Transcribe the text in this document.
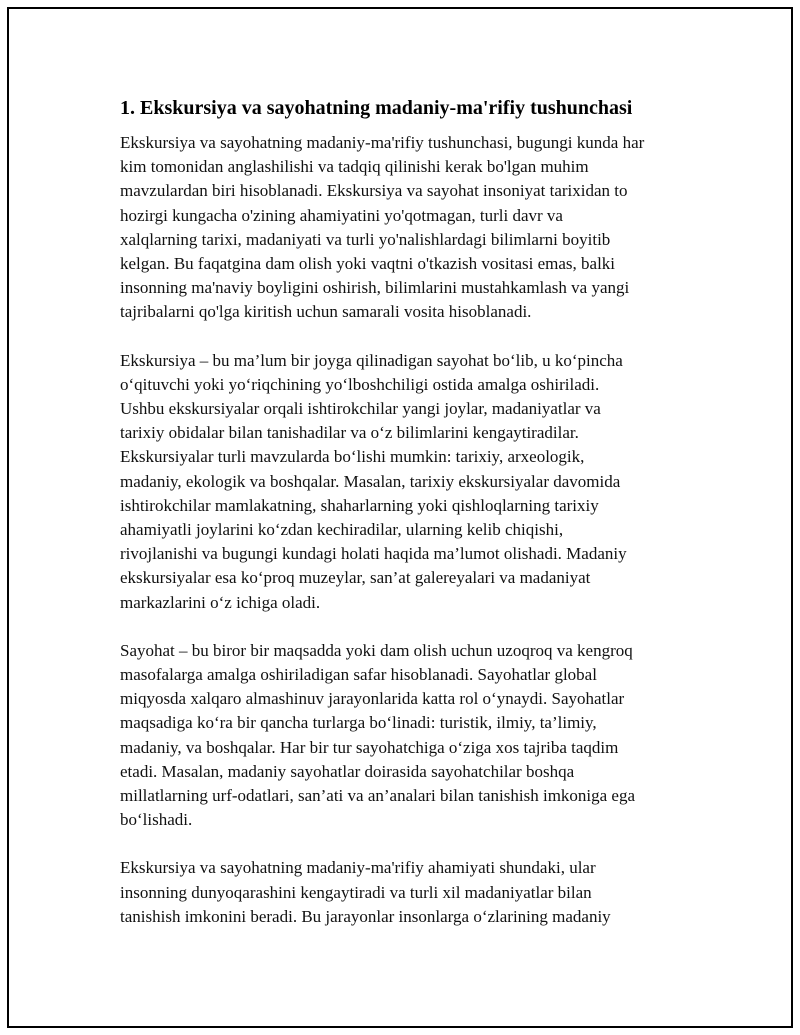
1. Ekskursiya va sayohatning madaniy-ma'rifiy tushunchasi

Ekskursiya va sayohatning madaniy-ma'rifiy tushunchasi, bugungi kunda har
kim tomonidan anglashilishi va tadqiq qilinishi kerak bo'lgan muhim
mavzulardan biri hisoblanadi. Ekskursiya va sayohat insoniyat tarixidan to
hozirgi kungacha o'zining ahamiyatini yo'qotmagan, turli davr va
xalqlarning tarixi, madaniyati va turli yo'nalishlardagi bilimlarni boyitib
kelgan. Bu faqatgina dam olish yoki vaqtni o'tkazish vositasi emas, balki
insonning ma'naviy boyligini oshirish, bilimlarini mustahkamlash va yangi
tajribalarni qo'lga kiritish uchun samarali vosita hisoblanadi.

Ekskursiya – bu ma’lum bir joyga qilinadigan sayohat bo‘lib, u ko‘pincha
o‘qituvchi yoki yo‘riqchining yo‘lboshchiligi ostida amalga oshiriladi.
Ushbu ekskursiyalar orqali ishtirokchilar yangi joylar, madaniyatlar va
tarixiy obidalar bilan tanishadilar va o‘z bilimlarini kengaytiradilar.
Ekskursiyalar turli mavzularda bo‘lishi mumkin: tarixiy, arxeologik,
madaniy, ekologik va boshqalar. Masalan, tarixiy ekskursiyalar davomida
ishtirokchilar mamlakatning, shaharlarning yoki qishloqlarning tarixiy
ahamiyatli joylarini ko‘zdan kechiradilar, ularning kelib chiqishi,
rivojlanishi va bugungi kundagi holati haqida ma’lumot olishadi. Madaniy
ekskursiyalar esa ko‘proq muzeylar, san’at galereyalari va madaniyat
markazlarini o‘z ichiga oladi.

Sayohat – bu biror bir maqsadda yoki dam olish uchun uzoqroq va kengroq
masofalarga amalga oshiriladigan safar hisoblanadi. Sayohatlar global
miqyosda xalqaro almashinuv jarayonlarida katta rol o‘ynaydi. Sayohatlar
maqsadiga ko‘ra bir qancha turlarga bo‘linadi: turistik, ilmiy, ta’limiy,
madaniy, va boshqalar. Har bir tur sayohatchiga o‘ziga xos tajriba taqdim
etadi. Masalan, madaniy sayohatlar doirasida sayohatchilar boshqa
millatlarning urf-odatlari, san’ati va an’analari bilan tanishish imkoniga ega
bo‘lishadi.

Ekskursiya va sayohatning madaniy-ma'rifiy ahamiyati shundaki, ular
insonning dunyoqarashini kengaytiradi va turli xil madaniyatlar bilan
tanishish imkonini beradi. Bu jarayonlar insonlarga o‘zlarining madaniy
